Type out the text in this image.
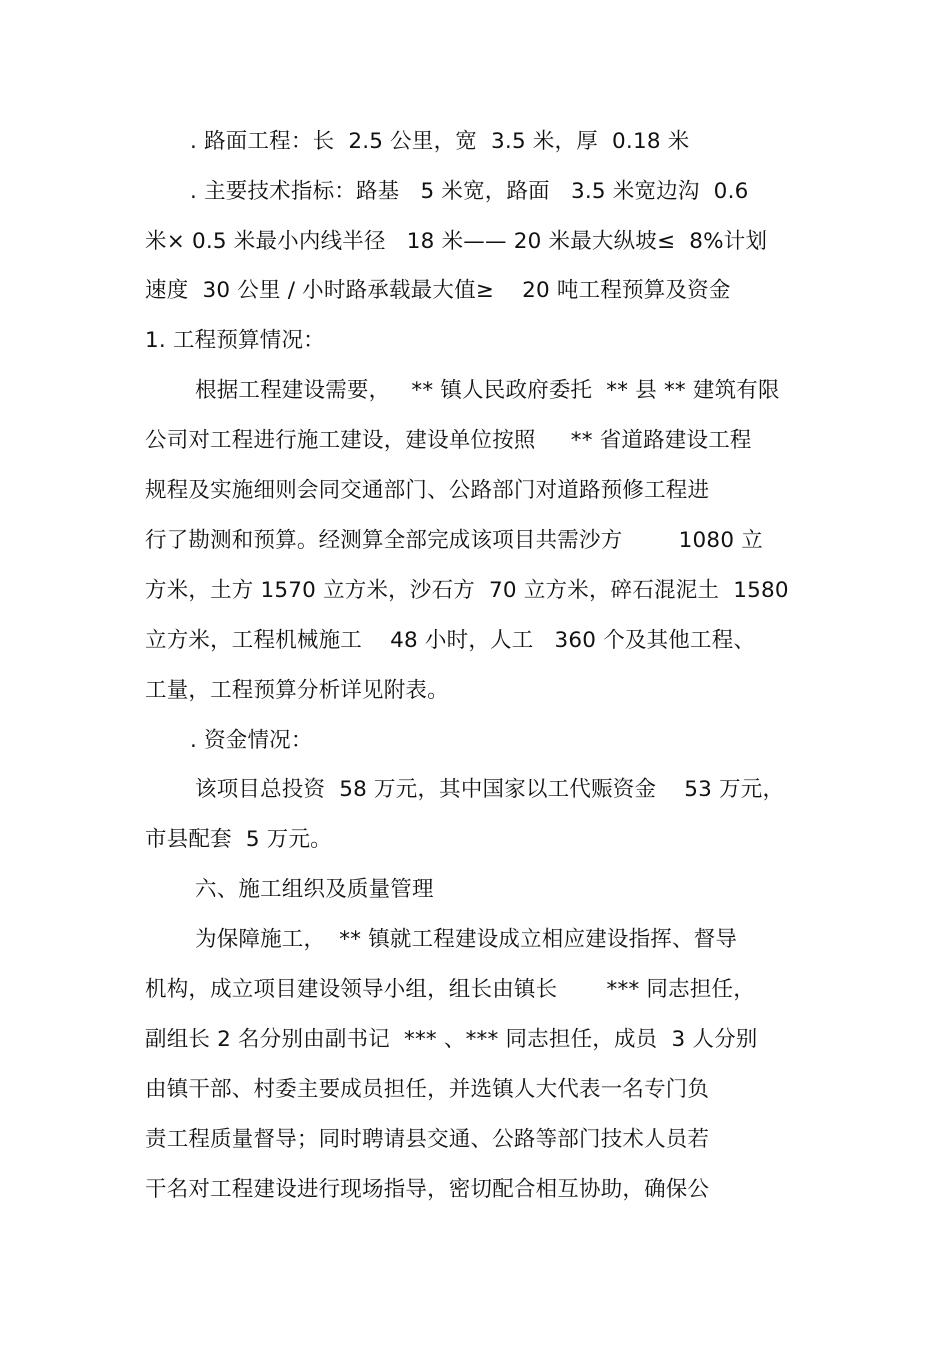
. 路面工程：长  2.5 公里，宽  3.5 米，厚  0.18 米
. 主要技术指标：路基   5 米宽，路面   3.5 米宽边沟  0.6
米× 0.5 米最小内线半径   18 米—— 20 米最大纵坡≤  8%计划
速度  30 公里 / 小时路承载最大值≥    20 吨工程预算及资金
1. 工程预算情况：
根据工程建设需要，   ** 镇人民政府委托  ** 县 ** 建筑有限
公司对工程进行施工建设，建设单位按照     ** 省道路建设工程
规程及实施细则会同交通部门、公路部门对道路预修工程进
行了勘测和预算。经测算全部完成该项目共需沙方        1080 立
方米，土方 1570 立方米，沙石方  70 立方米，碎石混泥土  1580
立方米，工程机械施工    48 小时，人工   360 个及其他工程、
工量，工程预算分析详见附表。
. 资金情况：
该项目总投资  58 万元，其中国家以工代赈资金    53 万元，
市县配套  5 万元。
六、施工组织及质量管理
为保障施工，  ** 镇就工程建设成立相应建设指挥、督导
机构，成立项目建设领导小组，组长由镇长       *** 同志担任，
副组长 2 名分别由副书记  *** 、*** 同志担任，成员  3 人分别
由镇干部、村委主要成员担任，并选镇人大代表一名专门负
责工程质量督导；同时聘请县交通、公路等部门技术人员若
干名对工程建设进行现场指导，密切配合相互协助，确保公
